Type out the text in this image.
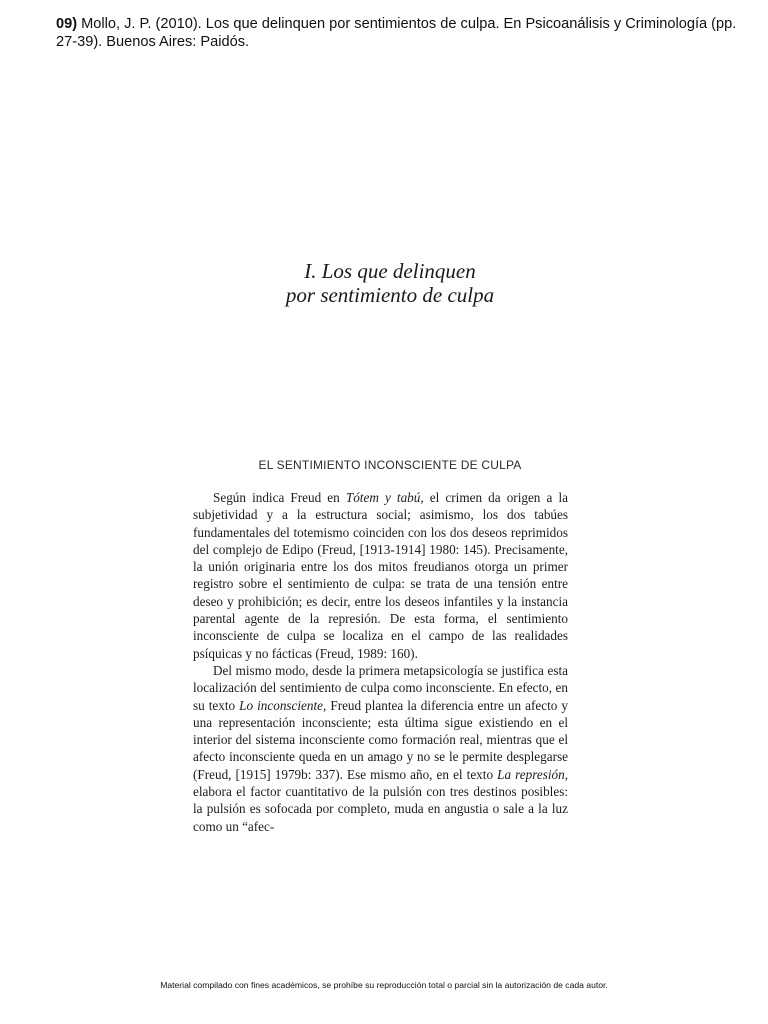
09) Mollo, J. P. (2010). Los que delinquen por sentimientos de culpa. En Psicoanálisis y Criminología (pp. 27-39). Buenos Aires: Paidós.
I. Los que delinquen
por sentimiento de culpa
EL SENTIMIENTO INCONSCIENTE DE CULPA

Según indica Freud en Tótem y tabú, el crimen da origen a la subjetividad y a la estructura social; asimismo, los dos tabúes fundamentales del totemismo coinciden con los dos deseos reprimidos del complejo de Edipo (Freud, [1913-1914] 1980: 145). Precisamente, la unión originaria entre los dos mitos freudianos otorga un primer registro sobre el sentimiento de culpa: se trata de una tensión entre deseo y prohibición; es decir, entre los deseos infantiles y la instancia parental agente de la represión. De esta forma, el sentimiento inconsciente de culpa se localiza en el campo de las realidades psíquicas y no fácticas (Freud, 1989: 160).

Del mismo modo, desde la primera metapsicología se justifica esta localización del sentimiento de culpa como inconsciente. En efecto, en su texto Lo inconsciente, Freud plantea la diferencia entre un afecto y una representación inconsciente; esta última sigue existiendo en el interior del sistema inconsciente como formación real, mientras que el afecto inconsciente queda en un amago y no se le permite desplegarse (Freud, [1915] 1979b: 337). Ese mismo año, en el texto La represión, elabora el factor cuantitativo de la pulsión con tres destinos posibles: la pulsión es sofocada por completo, muda en angustia o sale a la luz como un “afec-

Material compilado con fines académicos, se prohíbe su reproducción total o parcial sin la autorización de cada autor.
